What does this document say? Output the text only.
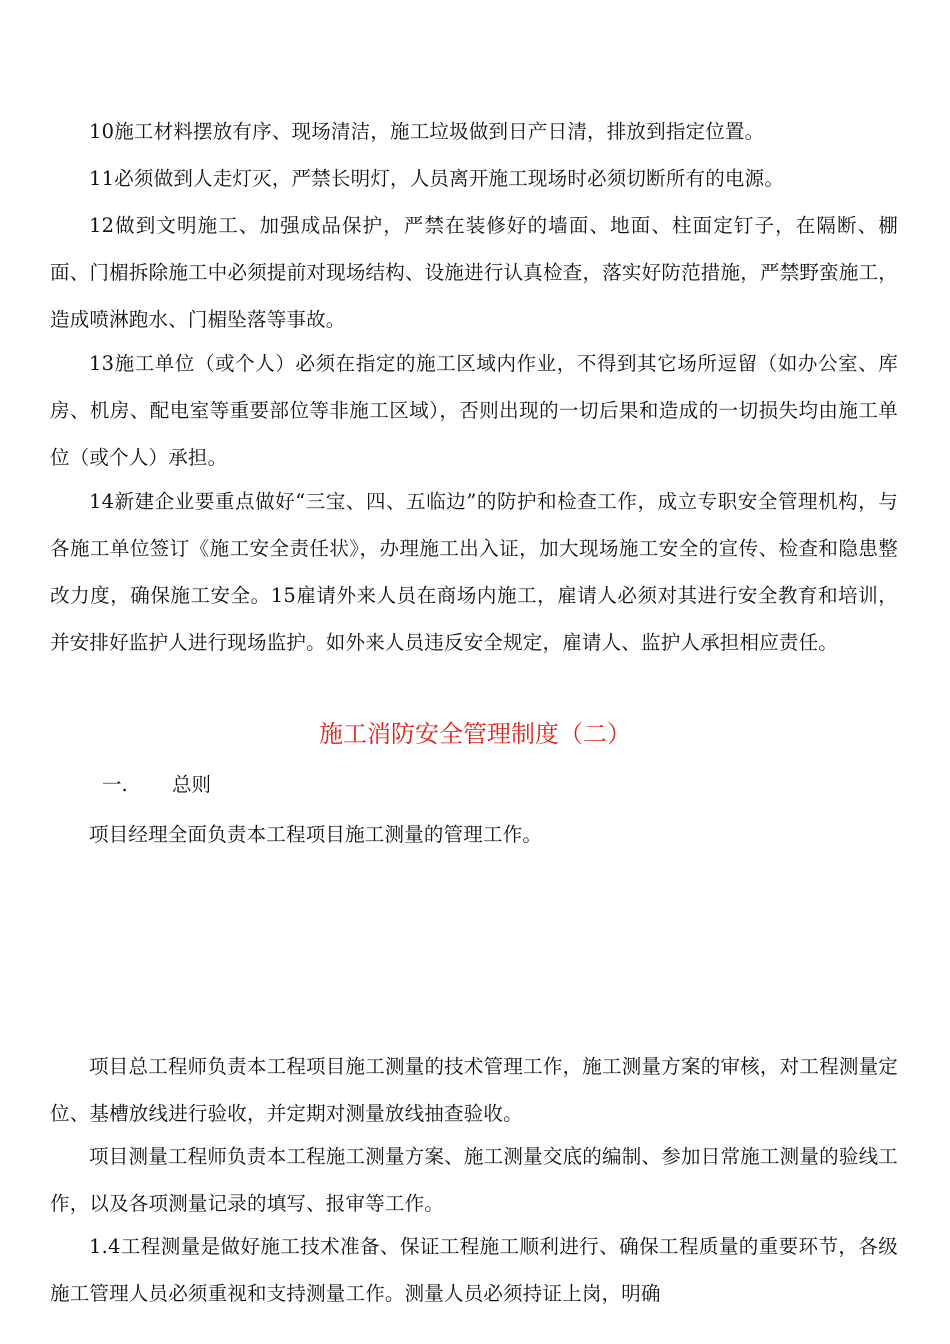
10施工材料摆放有序、现场清洁，施工垃圾做到日产日清，排放到指定位置。

11必须做到人走灯灭，严禁长明灯，人员离开施工现场时必须切断所有的电源。

12做到文明施工、加强成品保护，严禁在装修好的墙面、地面、柱面定钉子，在隔断、棚面、门楣拆除施工中必须提前对现场结构、设施进行认真检查，落实好防范措施，严禁野蛮施工，造成喷淋跑水、门楣坠落等事故。

13施工单位（或个人）必须在指定的施工区域内作业，不得到其它场所逗留（如办公室、库房、机房、配电室等重要部位等非施工区域），否则出现的一切后果和造成的一切损失均由施工单位（或个人）承担。

14新建企业要重点做好“三宝、四、五临边”的防护和检查工作，成立专职安全管理机构，与各施工单位签订《施工安全责任状》，办理施工出入证，加大现场施工安全的宣传、检查和隐患整改力度，确保施工安全。15雇请外来人员在商场内施工，雇请人必须对其进行安全教育和培训，并安排好监护人进行现场监护。如外来人员违反安全规定，雇请人、监护人承担相应责任。

施工消防安全管理制度（二）
一. 总则

项目经理全面负责本工程项目施工测量的管理工作。

项目总工程师负责本工程项目施工测量的技术管理工作，施工测量方案的审核，对工程测量定位、基槽放线进行验收，并定期对测量放线抽查验收。

项目测量工程师负责本工程施工测量方案、施工测量交底的编制、参加日常施工测量的验线工作，以及各项测量记录的填写、报审等工作。

1.4工程测量是做好施工技术准备、保证工程施工顺利进行、确保工程质量的重要环节，各级施工管理人员必须重视和支持测量工作。测量人员必须持证上岗，明确
